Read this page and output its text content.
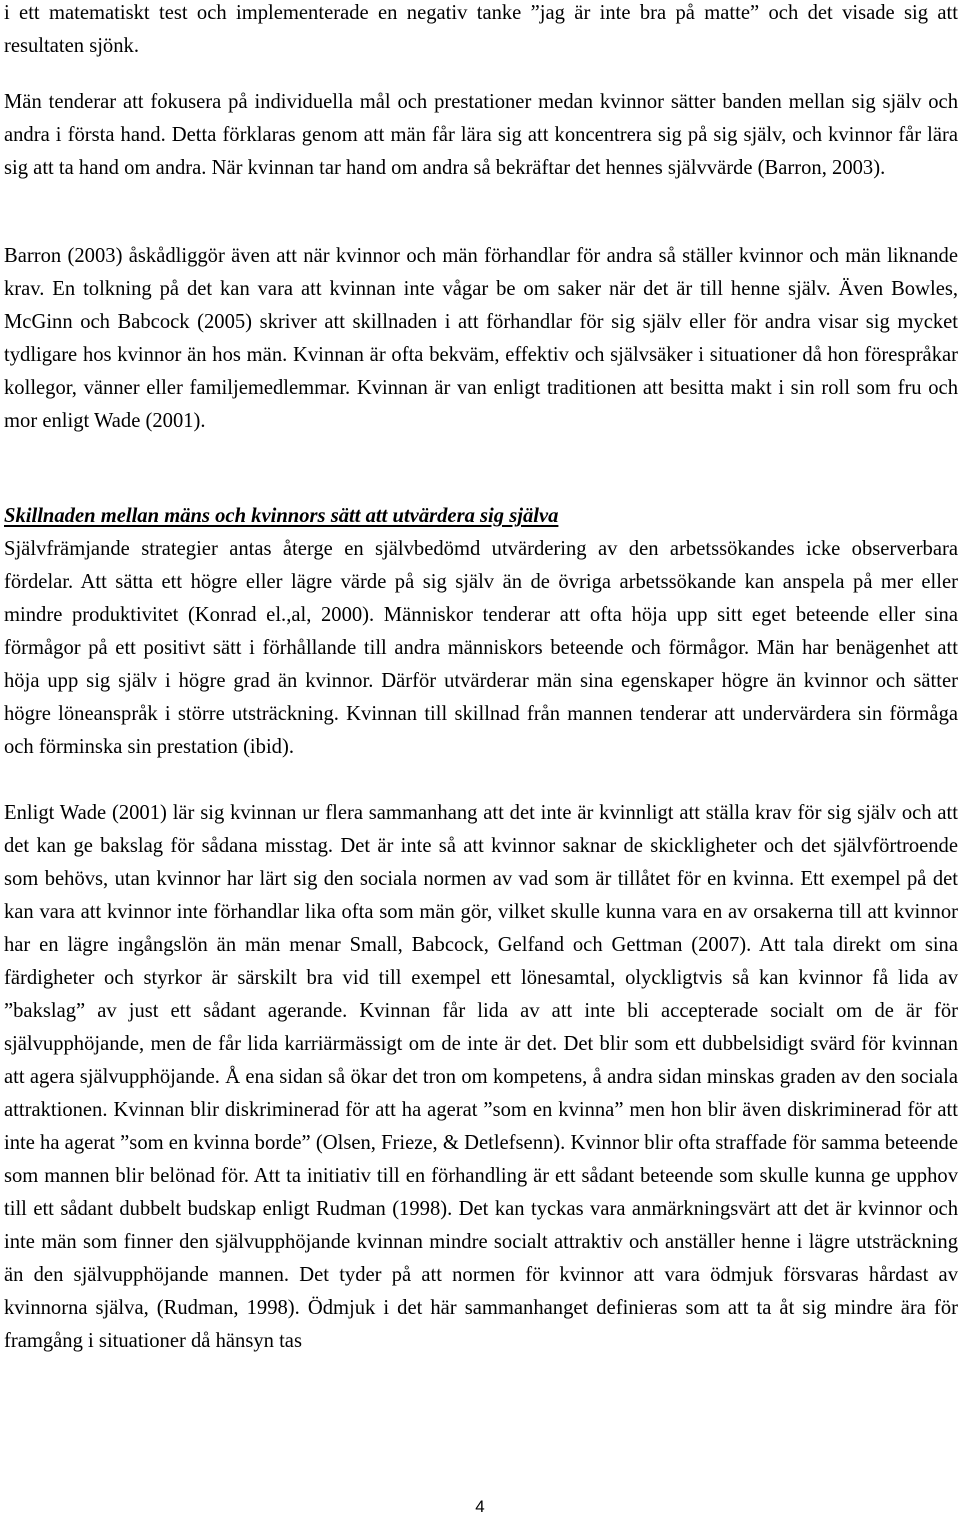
i ett matematiskt test och implementerade en negativ tanke ”jag är inte bra på matte” och det visade sig att resultaten sjönk.

Män tenderar att fokusera på individuella mål och prestationer medan kvinnor sätter banden mellan sig själv och andra i första hand. Detta förklaras genom att män får lära sig att koncentrera sig på sig själv, och kvinnor får lära sig att ta hand om andra. När kvinnan tar hand om andra så bekräftar det hennes självvärde (Barron, 2003).

Barron (2003) åskådliggör även att när kvinnor och män förhandlar för andra så ställer kvinnor och män liknande krav. En tolkning på det kan vara att kvinnan inte vågar be om saker när det är till henne själv. Även Bowles, McGinn och Babcock (2005) skriver att skillnaden i att förhandlar för sig själv eller för andra visar sig mycket tydligare hos kvinnor än hos män. Kvinnan är ofta bekväm, effektiv och självsäker i situationer då hon förespråkar kollegor, vänner eller familjemedlemmar. Kvinnan är van enligt traditionen att besitta makt i sin roll som fru och mor enligt Wade (2001).

Skillnaden mellan mäns och kvinnors sätt att utvärdera sig själva

Självfrämjande strategier antas återge en självbedömd utvärdering av den arbetssökandes icke observerbara fördelar. Att sätta ett högre eller lägre värde på sig själv än de övriga arbetssökande kan anspela på mer eller mindre produktivitet (Konrad el.,al, 2000). Människor tenderar att ofta höja upp sitt eget beteende eller sina förmågor på ett positivt sätt i förhållande till andra människors beteende och förmågor. Män har benägenhet att höja upp sig själv i högre grad än kvinnor. Därför utvärderar män sina egenskaper högre än kvinnor och sätter högre löneanspråk i större utsträckning. Kvinnan till skillnad från mannen tenderar att undervärdera sin förmåga och förminska sin prestation (ibid).

Enligt Wade (2001) lär sig kvinnan ur flera sammanhang att det inte är kvinnligt att ställa krav för sig själv och att det kan ge bakslag för sådana misstag. Det är inte så att kvinnor saknar de skickligheter och det självförtroende som behövs, utan kvinnor har lärt sig den sociala normen av vad som är tillåtet för en kvinna. Ett exempel på det kan vara att kvinnor inte förhandlar lika ofta som män gör, vilket skulle kunna vara en av orsakerna till att kvinnor har en lägre ingångslön än män menar Small, Babcock, Gelfand och Gettman (2007). Att tala direkt om sina färdigheter och styrkor är särskilt bra vid till exempel ett lönesamtal, olyckligtvis så kan kvinnor få lida av ”bakslag” av just ett sådant agerande. Kvinnan får lida av att inte bli accepterade socialt om de är för självupphöjande, men de får lida karriärmässigt om de inte är det. Det blir som ett dubbelsidigt svärd för kvinnan att agera självupphöjande. Å ena sidan så ökar det tron om kompetens, å andra sidan minskas graden av den sociala attraktionen. Kvinnan blir diskriminerad för att ha agerat ”som en kvinna” men hon blir även diskriminerad för att inte ha agerat ”som en kvinna borde” (Olsen, Frieze, & Detlefsenn). Kvinnor blir ofta straffade för samma beteende som mannen blir belönad för. Att ta initiativ till en förhandling är ett sådant beteende som skulle kunna ge upphov till ett sådant dubbelt budskap enligt Rudman (1998). Det kan tyckas vara anmärkningsvärt att det är kvinnor och inte män som finner den självupphöjande kvinnan mindre socialt attraktiv och anställer henne i lägre utsträckning än den självupphöjande mannen. Det tyder på att normen för kvinnor att vara ödmjuk försvaras hårdast av kvinnorna själva, (Rudman, 1998). Ödmjuk i det här sammanhanget definieras som att ta åt sig mindre ära för framgång i situationer då hänsyn tas

4
